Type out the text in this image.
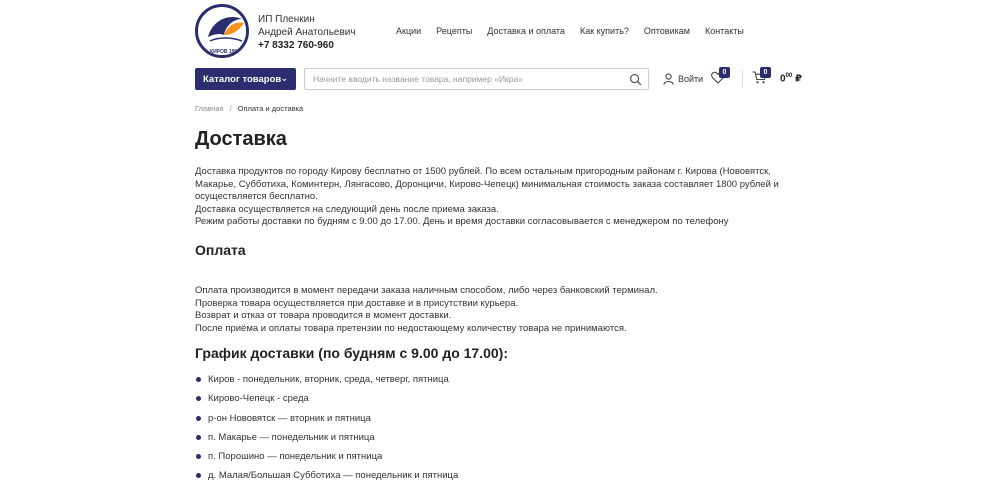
КИРОВ 1994
ИП Пленкин
Андрей Анатольевич
+7 8332 760-960
Акции Рецепты Доставка и оплата Как купить? Оптовикам Контакты
Каталог товаров ⌄
Начните вводить название товара, например «Икра»	Войти
0	0
$0^{00}$ ₽
Главная / Оплата и доставка
Доставка
Доставка продуктов по городу Кирову бесплатно от 1500 рублей. По всем остальным пригородным районам г. Кирова (Нововятск, Макарье, Субботиха, Коминтерн, Лянгасово, Доронцичи, Кирово-Чепецк) минимальная стоимость заказа составляет 1800 рублей и осуществляется бесплатно.
Доставка осуществляется на следующий день после приема заказа.
Режим работы доставки по будням с 9.00 до 17.00. День и время доставки согласовывается с менеджером по телефону
Оплата
Оплата производится в момент передачи заказа наличным способом, либо через банковский терминал.
Проверка товара осуществляется при доставке и в присутствии курьера.
Возврат и отказ от товара проводится в момент доставки.
После приёма и оплаты товара претензии по недостающему количеству товара не принимаются.
График доставки (по будням с 9.00 до 17.00):
Киров - понедельник, вторник, среда, четверг, пятница
Кирово-Чепецк - среда
р-он Нововятск — вторник и пятница
п. Макарье — понедельник и пятница
п. Порошино — понедельник и пятница
д. Малая/Большая Субботиха — понедельник и пятница
